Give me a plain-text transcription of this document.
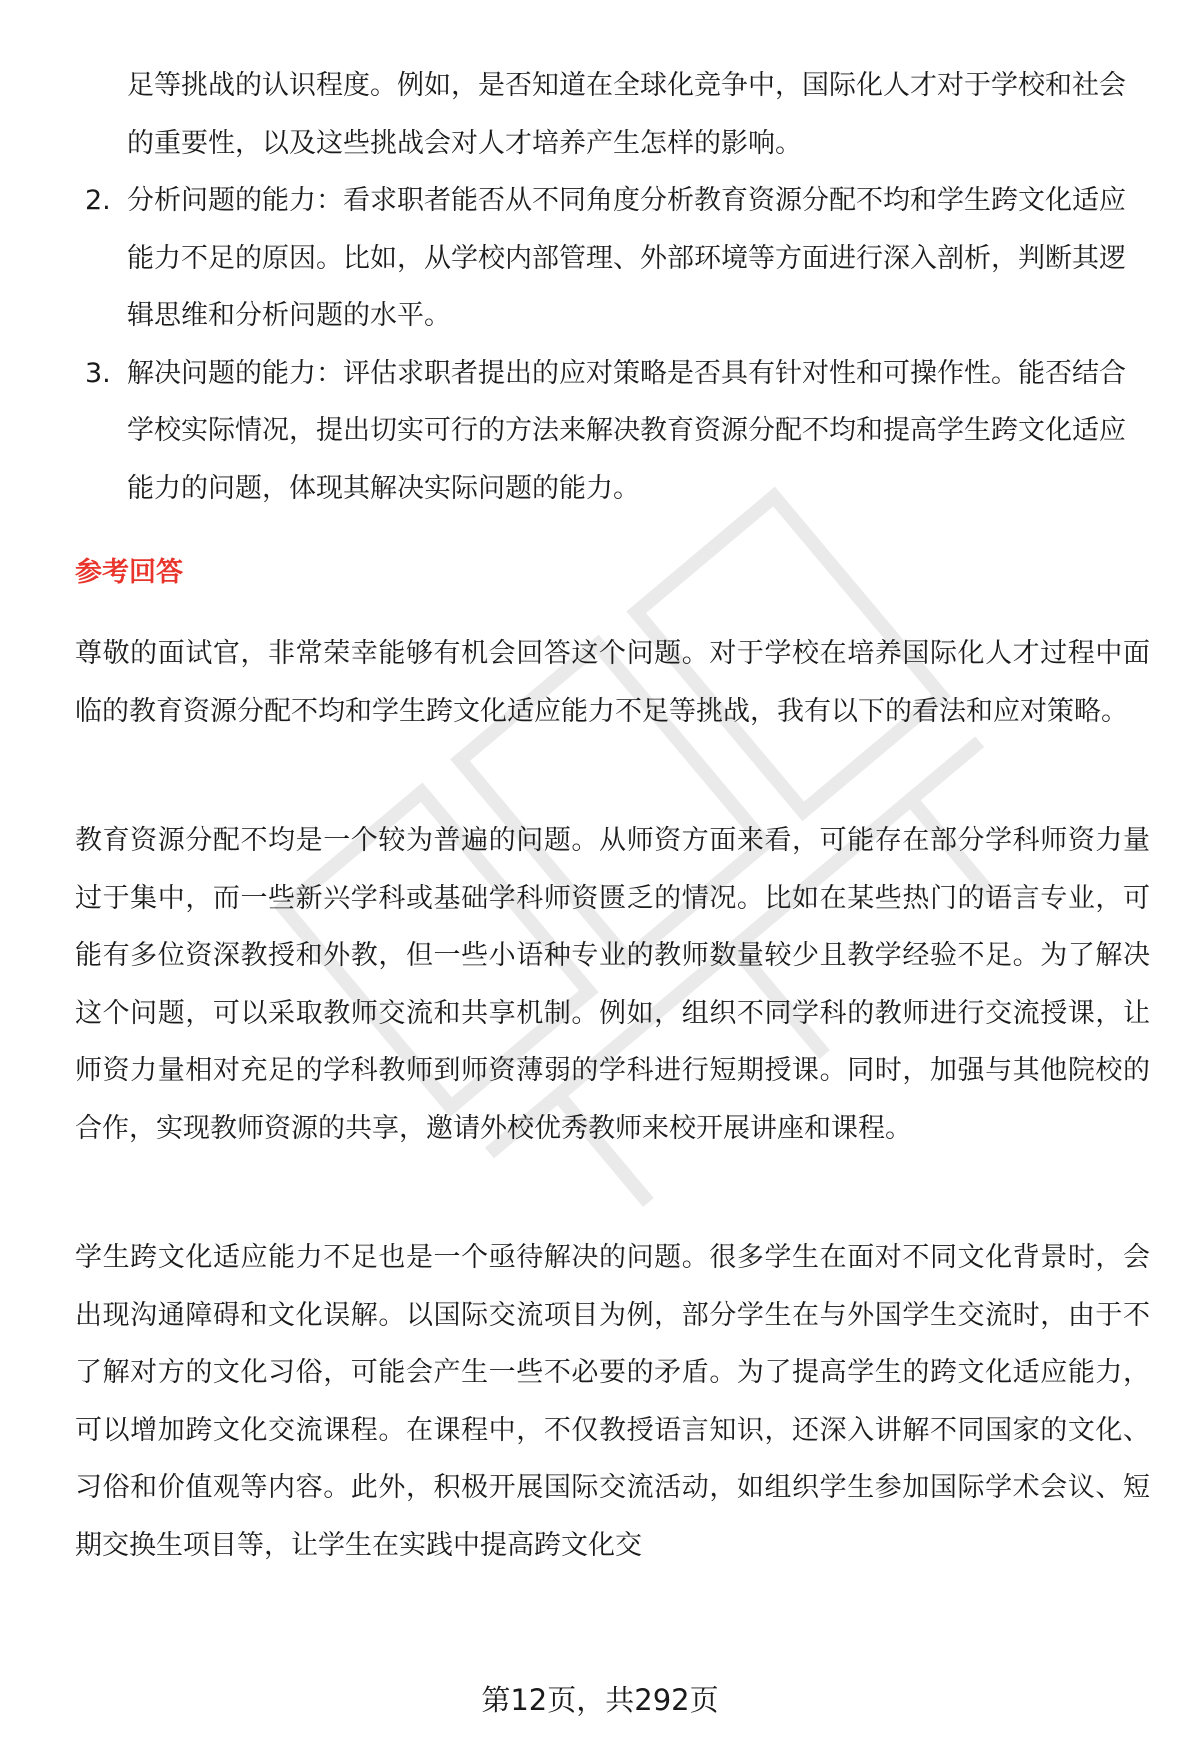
足等挑战的认识程度。例如，是否知道在全球化竞争中，国际化人才对于学校和社会的重要性，以及这些挑战会对人才培养产生怎样的影响。
2. 分析问题的能力：看求职者能否从不同角度分析教育资源分配不均和学生跨文化适应能力不足的原因。比如，从学校内部管理、外部环境等方面进行深入剖析，判断其逻辑思维和分析问题的水平。
3. 解决问题的能力：评估求职者提出的应对策略是否具有针对性和可操作性。能否结合学校实际情况，提出切实可行的方法来解决教育资源分配不均和提高学生跨文化适应能力的问题，体现其解决实际问题的能力。
参考回答
尊敬的面试官，非常荣幸能够有机会回答这个问题。对于学校在培养国际化人才过程中面临的教育资源分配不均和学生跨文化适应能力不足等挑战，我有以下的看法和应对策略。
教育资源分配不均是一个较为普遍的问题。从师资方面来看，可能存在部分学科师资力量过于集中，而一些新兴学科或基础学科师资匮乏的情况。比如在某些热门的语言专业，可能有多位资深教授和外教，但一些小语种专业的教师数量较少且教学经验不足。为了解决这个问题，可以采取教师交流和共享机制。例如，组织不同学科的教师进行交流授课，让师资力量相对充足的学科教师到师资薄弱的学科进行短期授课。同时，加强与其他院校的合作，实现教师资源的共享，邀请外校优秀教师来校开展讲座和课程。
学生跨文化适应能力不足也是一个亟待解决的问题。很多学生在面对不同文化背景时，会出现沟通障碍和文化误解。以国际交流项目为例，部分学生在与外国学生交流时，由于不了解对方的文化习俗，可能会产生一些不必要的矛盾。为了提高学生的跨文化适应能力，可以增加跨文化交流课程。在课程中，不仅教授语言知识，还深入讲解不同国家的文化、习俗和价值观等内容。此外，积极开展国际交流活动，如组织学生参加国际学术会议、短期交换生项目等，让学生在实践中提高跨文化交
第12页，共292页
